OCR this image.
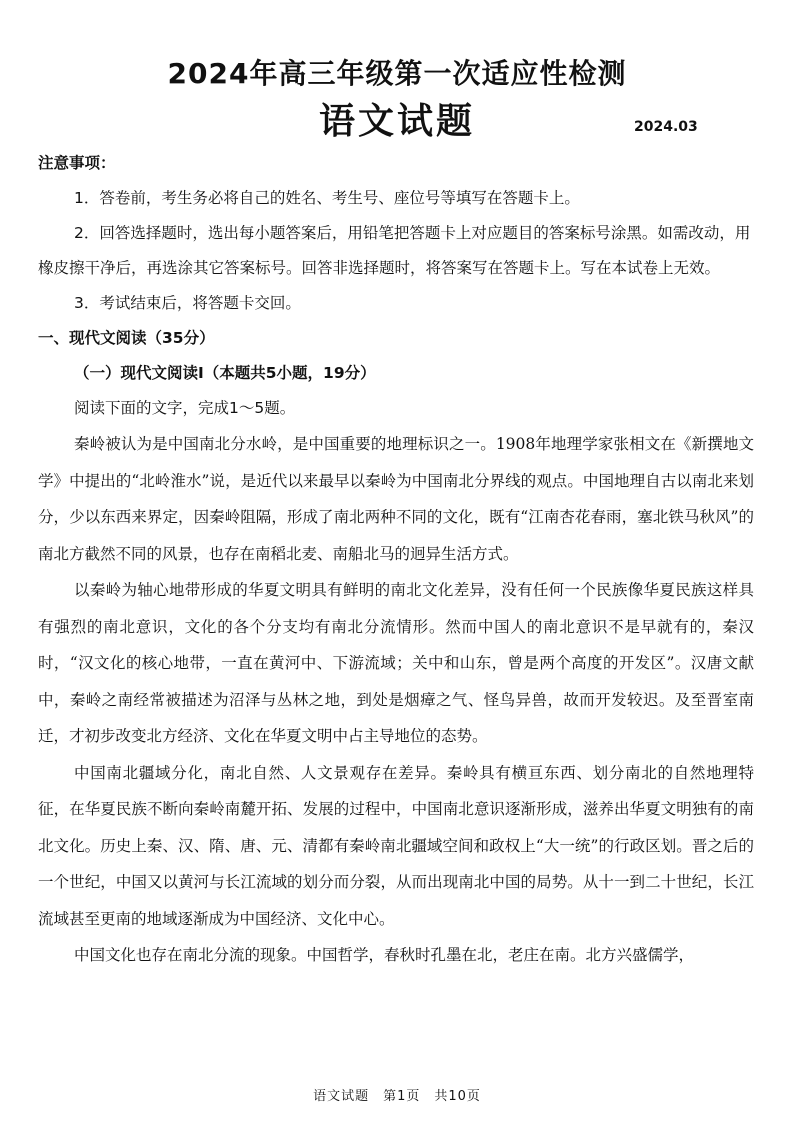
2024年高三年级第一次适应性检测
语文试题	2024.03

注意事项：

1．答卷前，考生务必将自己的姓名、考生号、座位号等填写在答题卡上。

2．回答选择题时，选出每小题答案后，用铅笔把答题卡上对应题目的答案标号涂黑。如需改动，用橡皮擦干净后，再选涂其它答案标号。回答非选择题时，将答案写在答题卡上。写在本试卷上无效。

3．考试结束后，将答题卡交回。

一、现代文阅读（35分）

（一）现代文阅读Ⅰ（本题共5小题，19分）

阅读下面的文字，完成1～5题。

秦岭被认为是中国南北分水岭，是中国重要的地理标识之一。1908年地理学家张相文在《新撰地文学》中提出的“北岭淮水”说，是近代以来最早以秦岭为中国南北分界线的观点。中国地理自古以南北来划分，少以东西来界定，因秦岭阻隔，形成了南北两种不同的文化，既有“江南杏花春雨，塞北铁马秋风”的南北方截然不同的风景，也存在南稻北麦、南船北马的迥异生活方式。

以秦岭为轴心地带形成的华夏文明具有鲜明的南北文化差异，没有任何一个民族像华夏民族这样具有强烈的南北意识，文化的各个分支均有南北分流情形。然而中国人的南北意识不是早就有的，秦汉时，“汉文化的核心地带，一直在黄河中、下游流域；关中和山东，曾是两个高度的开发区”。汉唐文献中，秦岭之南经常被描述为沼泽与丛林之地，到处是烟瘴之气、怪鸟异兽，故而开发较迟。及至晋室南迁，才初步改变北方经济、文化在华夏文明中占主导地位的态势。

中国南北疆域分化，南北自然、人文景观存在差异。秦岭具有横亘东西、划分南北的自然地理特征，在华夏民族不断向秦岭南麓开拓、发展的过程中，中国南北意识逐渐形成，滋养出华夏文明独有的南北文化。历史上秦、汉、隋、唐、元、清都有秦岭南北疆域空间和政权上“大一统”的行政区划。晋之后的一个世纪，中国又以黄河与长江流域的划分而分裂，从而出现南北中国的局势。从十一到二十世纪，长江流域甚至更南的地域逐渐成为中国经济、文化中心。

中国文化也存在南北分流的现象。中国哲学，春秋时孔墨在北，老庄在南。北方兴盛儒学，

语文试题　第1页　共10页
